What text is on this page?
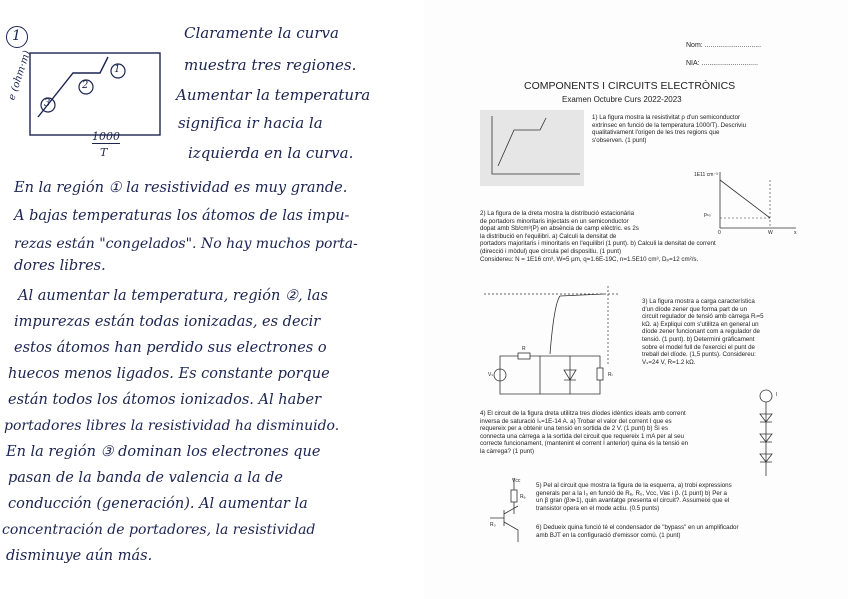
1
e (ohm·m)
3
2
1
1000
T
Claramente la curva
muestra tres regiones.
Aumentar la temperatura
significa ir hacia la
izquierda en la curva.
En la región ① la resistividad es muy grande.
A bajas temperaturas los átomos de las impu-
rezas están "congelados". No hay muchos porta-
dores libres.
Al aumentar la temperatura, región ②, las
impurezas están todas ionizadas, es decir
estos átomos han perdido sus electrones o
huecos menos ligados. Es constante porque
están todos los átomos ionizados. Al haber
portadores libres la resistividad ha disminuido.
En la región ③ dominan los electrones que
pasan de la banda de valencia a la de
conducción (generación). Al aumentar la
concentración de portadores, la resistividad
disminuye aún más.
Nom: .............................
NIA: .............................
COMPONENTS I CIRCUITS ELECTRÒNICS
Examen Octubre Curs 2022-2023
1) La figura mostra la resistivitat ρ d'un semiconductor
extrínsec en funció de la temperatura 1000/T). Descriviu
qualitativament l'origen de les tres regions que
s'observen. (1 punt)
1E11 cm⁻³
pₙ₀
0	W	x
2) La figura de la dreta mostra la distribució estacionària
de portadors minoritaris injectats en un semiconductor
dopat amb Sb/cm³(P) en absència de camp elèctric. es 2s
la distribució en l'equilibri. a) Calculi la densitat de
portadors majoritaris i minoritaris en l'equilibri (1 punt). b) Calculi la densitat de corrent
(direcció i mòdul) que circula pel dispositiu. (1 punt)
Considereu: N = 1E16 cm³, W=5 μm, q=1.6E-19C, n=1.5E10 cm³, Dₚ=12 cm²/s.
R
Vₛ	Rₗ
3) La figura mostra a carga característica
d'un díode zener que forma part de un
circuit regulador de tensió amb càrrega Rₗ=5
kΩ. a) Expliqui com s'utilitza en general un
díode zener funcionant com a regulador de
tensió. (1 punt). b) Determini gràficament
sobre el model full de l'exercici el punt de
treball del díode. (1,5 punts). Considereu:
Vₛ=24 V, R=1.2 kΩ.
I
4) El circuit de la figura dreta utilitza tres díodes idèntics ideals amb corrent
inversa de saturació Iₛ=1E-14 A. a) Trobar el valor del corrent I que es
requereix per a obtenir una tensió en sortida de 2 V. (1 punt) b) Si es
connecta una càrrega a la sortida del circuit que requereix 1 mA per al seu
correcte funcionament, (mantenint el corrent I anterior) quina és la tensió en
la càrrega? (1 punt)
Rₑ
R₀
Vcc
5) Pel al circuit que mostra la figura de la esquerra, a) trobi expressions
generals per a la I₀ en funció de Rₑ, R₀, Vcc, Vʙᴇ i β. (1 punt) b) Per a
un β gran (β≫1), quin avantatge presenta el circuit?. Assumeixi que el
transistor opera en el mode actiu. (0.5 punts)
6) Dedueix quina funció té el condensador de "bypass" en un amplificador
amb BJT en la configuració d'emissor comú. (1 punt)
